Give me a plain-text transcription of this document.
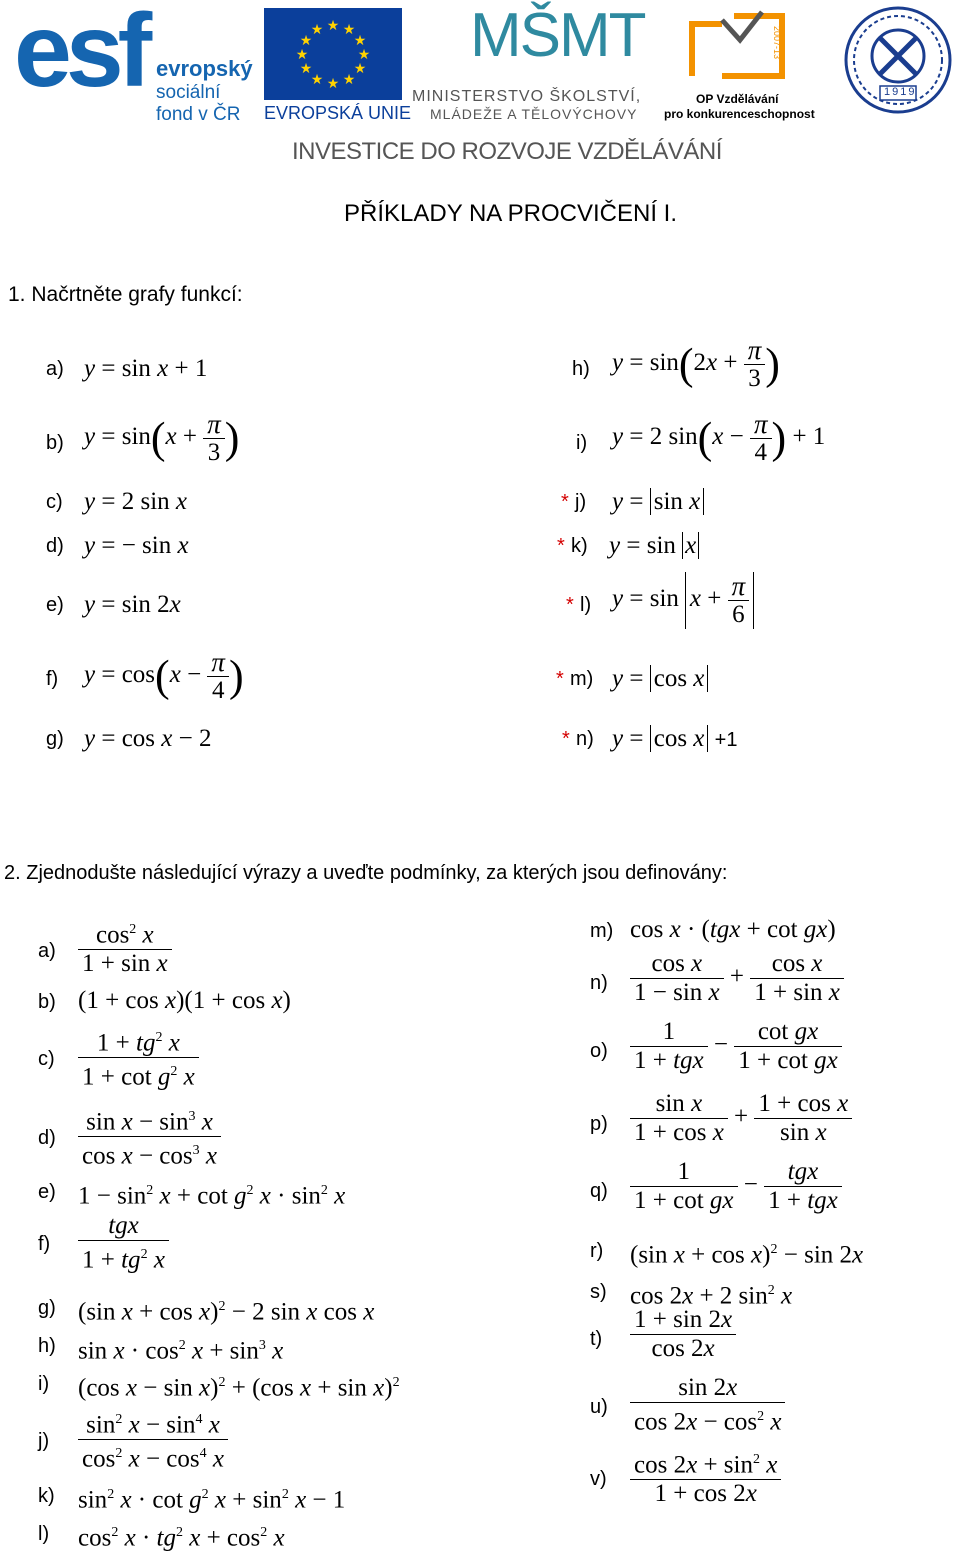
esf evropský
sociální
fond v ČR
★ ★
★
★
★
★
★
★
★
★
★
★
EVROPSKÁ UNIE
MŠMT
MINISTERSTVO ŠKOLSTVÍ,
MLÁDEŽE A TĚLOVÝCHOVY
2007-13
OP Vzdělávání
pro konkurenceschopnost
1919
INVESTICE DO ROZVOJE VZDĚLÁVÁNÍ
PŘÍKLADY NA PROCVIČENÍ I.
1. Načrtněte grafy funkcí:
a)
b)
c)
d)
e)
f)
g)
y = sin x + 1
$y = \sin(x + \frac{\pi}{3}$ )
y = 2 sin x
y = − sin x
y = sin 2x
$y = \cos(x - \frac{\pi}{4}$ )
y = cos x − 2
h)
i)
* j)
* k)
* l)
* m)
* n)
$y = \sin(2x + \frac{\pi}{3}$ )
y = 2 $\sin(x - \frac{\pi}{4}$ ) + 1
y = sin x
y = sin x
$y = \sin x + \frac{\pi}{6}$
y = cos x
y = cos x +1
2. Zjednodušte následující výrazy a uveďte podmínky, za kterých jsou definovány:
a)
b)
c)
d)
e)
f)
g)
h)
i)
j)
k)
l)
$\frac{\cos^2 x}{\text{1 + sin x}}$
(1 + cos x)(1 + cos x)
$\frac{1 + tg^2 x}{1 + \cot g^2 x}$
$\frac{\sin x - \sin^3 x}{\cos x - \cos^3 x}$
$1 - \sin^2 x + \cot g^2$ $x \cdot \sin^2 x$
$\frac{\text{tgx}}{1 + tg^2 x}$
(sin x + cos x)$^2$ − 2 sin x cos x
$\sin x \cdot \cos^2 x + \sin^3 x$
(cos x − sin x)$^2$ + (cos x + sin x)$^2$
$\frac{\sin^2 x - \sin^4 x}{\cos^2 x - \cos^4 x}$
$\sin^2 x \cdot \cot g^2$ $x + \sin^2 x - 1$
$\cos^2 x \cdot tg^2$ $x + \cos^2 x$
m)
n)
o)
p)
q)
r)
s)
t)
u)
v)
cos x · (tgx + cot gx)
$\frac{\text{cos x}}{\text{1 − sin x}} + \frac{\text{cos x}}{\text{1 + sin x}}$
$\frac{1}{\text{1 + tgx}} - \frac{\text{cot gx}}{\text{1 + cot gx}}$
$\frac{\text{sin x}}{\text{1 + cos x}} + \frac{\text{1 + cos x}}{\text{sin x}}$
$\frac{1}{\text{1 + cot gx}} - \frac{\text{tgx}}{\text{1 + tgx}}$
(sin x + cos x)$^2$ − sin 2x
cos 2x + 2 $\sin^2 x$
$\frac{1 + \sin 2x}{\cos 2x}$
$\frac{\sin 2x}{\cos 2x - \cos^2 x}$
$\frac{\cos 2x + \sin^2 x}{1 + \cos 2x}$
